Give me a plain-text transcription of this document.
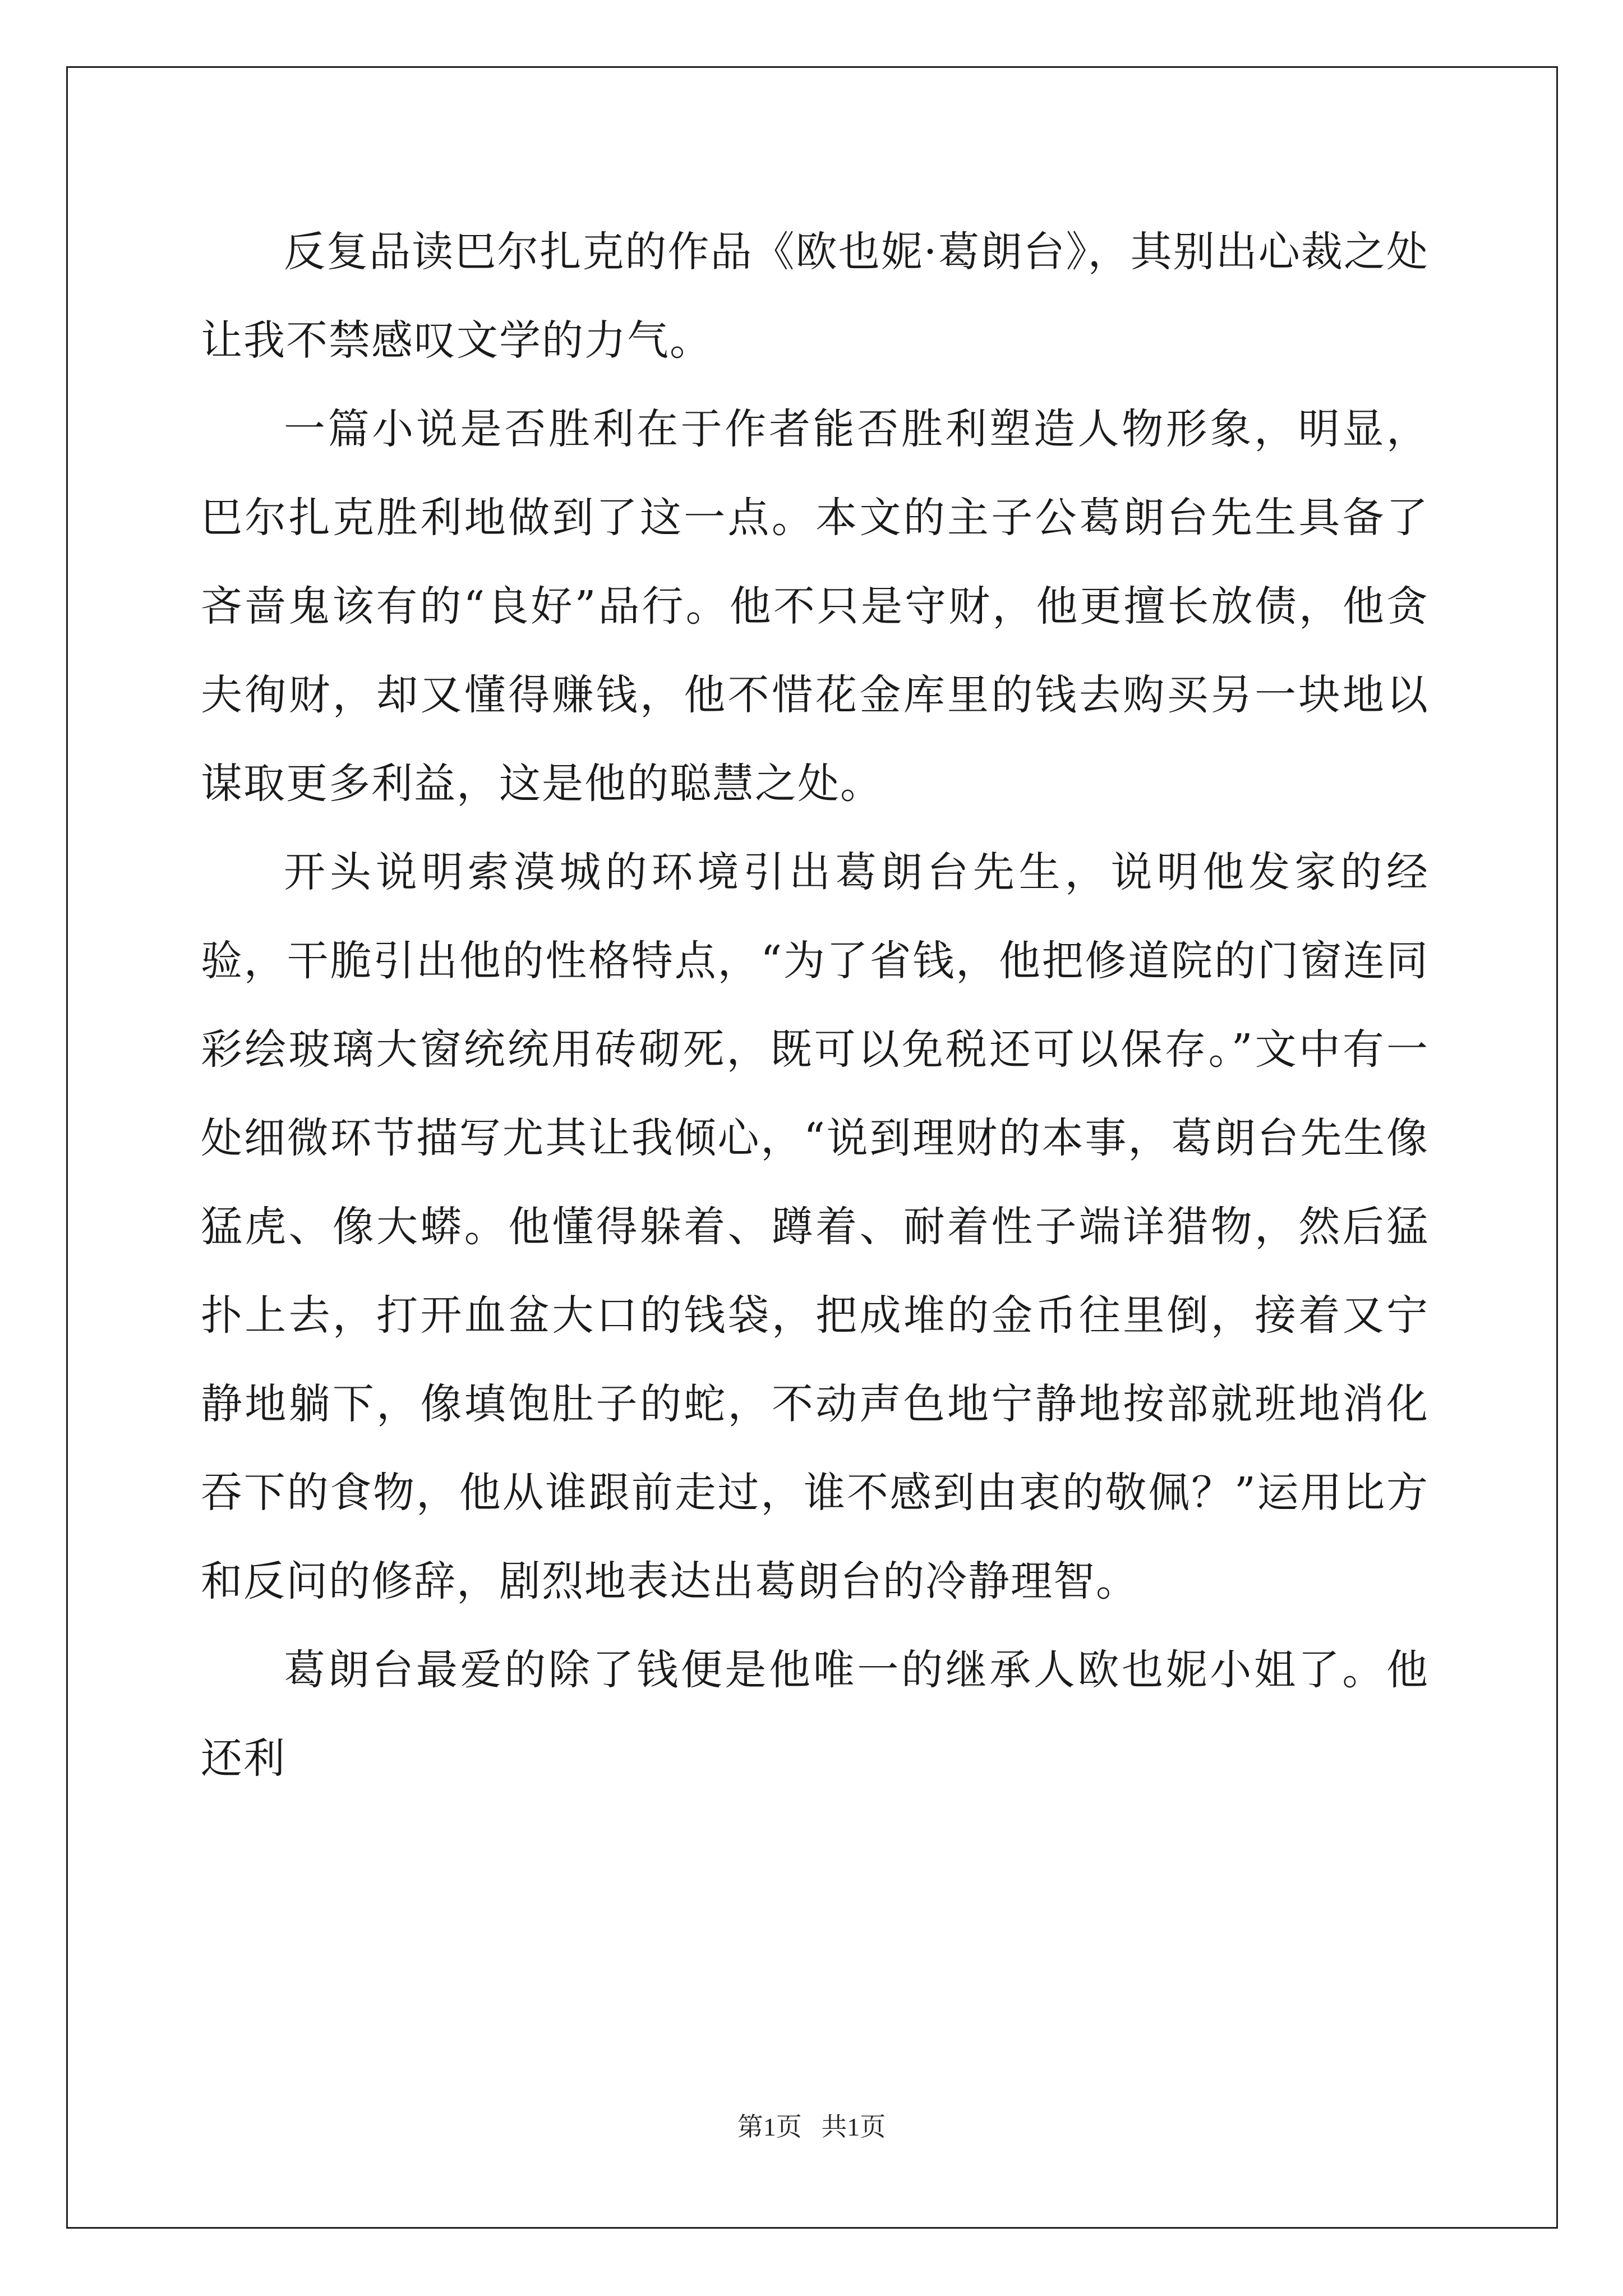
反复品读巴尔扎克的作品《欧也妮·葛朗台》，其别出心裁之处让我不禁感叹文学的力气。

一篇小说是否胜利在于作者能否胜利塑造人物形象，明显，巴尔扎克胜利地做到了这一点。本文的主子公葛朗台先生具备了吝啬鬼该有的“良好”品行。他不只是守财，他更擅长放债，他贪夫徇财，却又懂得赚钱，他不惜花金库里的钱去购买另一块地以谋取更多利益，这是他的聪慧之处。

开头说明索漠城的环境引出葛朗台先生，说明他发家的经验，干脆引出他的性格特点，“为了省钱，他把修道院的门窗连同彩绘玻璃大窗统统用砖砌死，既可以免税还可以保存。”文中有一处细微环节描写尤其让我倾心，“说到理财的本事，葛朗台先生像猛虎、像大蟒。他懂得躲着、蹲着、耐着性子端详猎物，然后猛扑上去，打开血盆大口的钱袋，把成堆的金币往里倒，接着又宁静地躺下，像填饱肚子的蛇，不动声色地宁静地按部就班地消化吞下的食物，他从谁跟前走过，谁不感到由衷的敬佩？”运用比方和反问的修辞，剧烈地表达出葛朗台的冷静理智。

葛朗台最爱的除了钱便是他唯一的继承人欧也妮小姐了。他还利

第1页 共1页
